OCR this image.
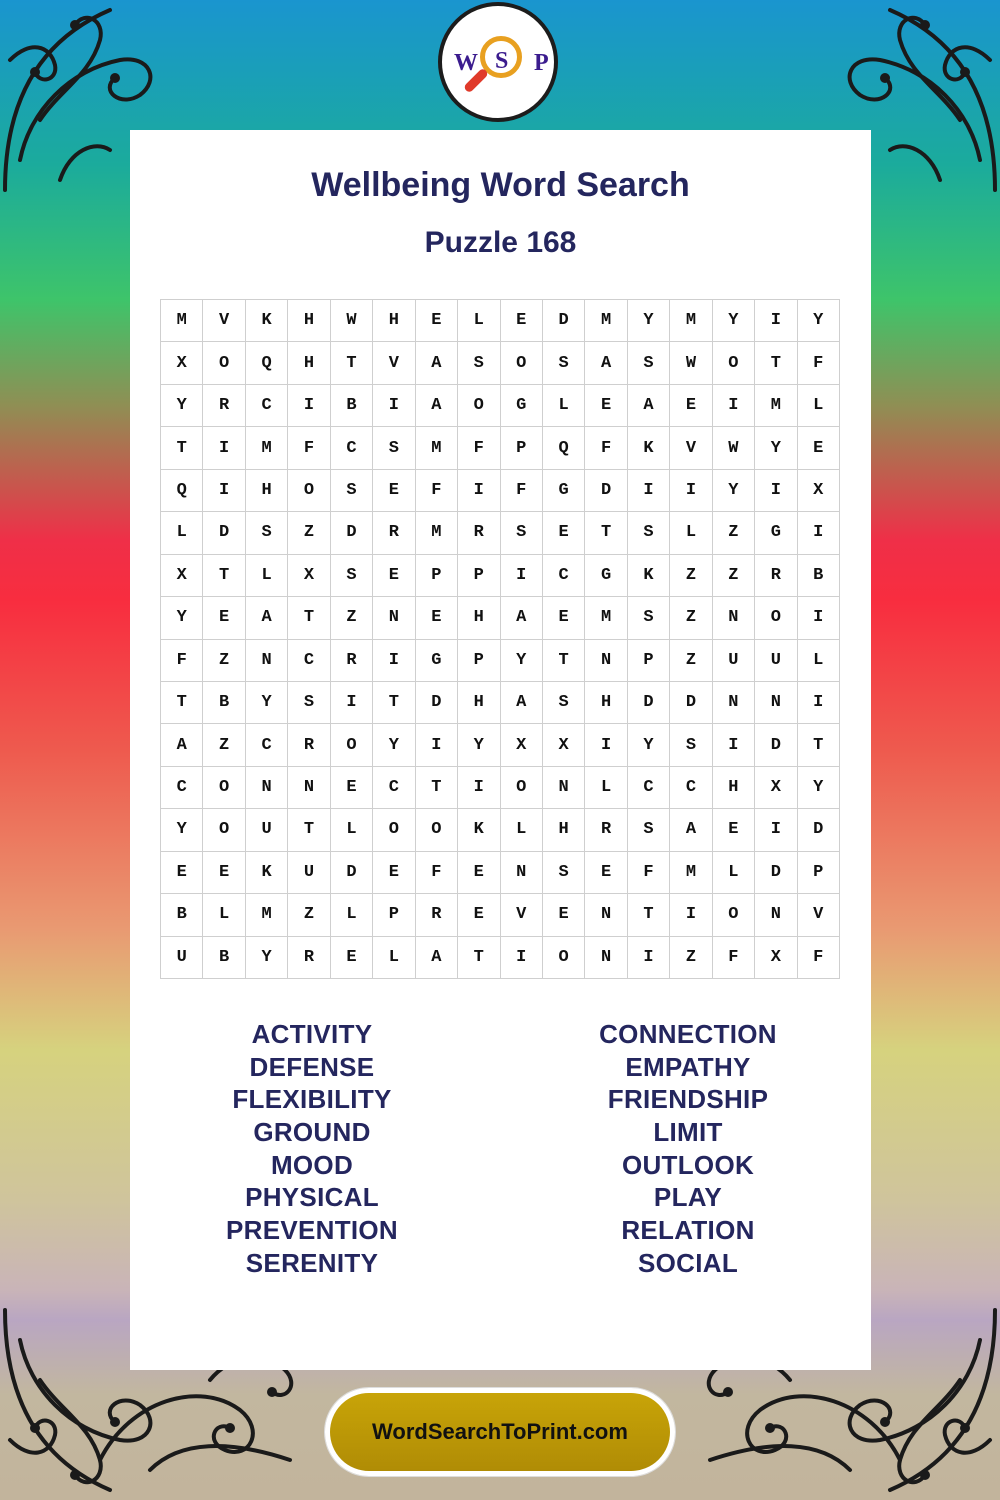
W S P
Wellbeing Word Search
Puzzle 168
M	V	K	H	W	H	E	L	E	D	M	Y	M	Y	I	Y
X	O	Q	H	T	V	A	S	O	S	A	S	W	O	T	F
Y	R	C	I	B	I	A	O	G	L	E	A	E	I	M	L
T	I	M	F	C	S	M	F	P	Q	F	K	V	W	Y	E
Q	I	H	O	S	E	F	I	F	G	D	I	I	Y	I	X
L	D	S	Z	D	R	M	R	S	E	T	S	L	Z	G	I
X	T	L	X	S	E	P	P	I	C	G	K	Z	Z	R	B
Y	E	A	T	Z	N	E	H	A	E	M	S	Z	N	O	I
F	Z	N	C	R	I	G	P	Y	T	N	P	Z	U	U	L
T	B	Y	S	I	T	D	H	A	S	H	D	D	N	N	I
A	Z	C	R	O	Y	I	Y	X	X	I	Y	S	I	D	T
C	O	N	N	E	C	T	I	O	N	L	C	C	H	X	Y
Y	O	U	T	L	O	O	K	L	H	R	S	A	E	I	D
E	E	K	U	D	E	F	E	N	S	E	F	M	L	D	P
B	L	M	Z	L	P	R	E	V	E	N	T	I	O	N	V
U	B	Y	R	E	L	A	T	I	O	N	I	Z	F	X	F
ACTIVITY
DEFENSE
FLEXIBILITY
GROUND
MOOD
PHYSICAL
PREVENTION
SERENITY
CONNECTION
EMPATHY
FRIENDSHIP
LIMIT
OUTLOOK
PLAY
RELATION
SOCIAL
WordSearchToPrint.com
